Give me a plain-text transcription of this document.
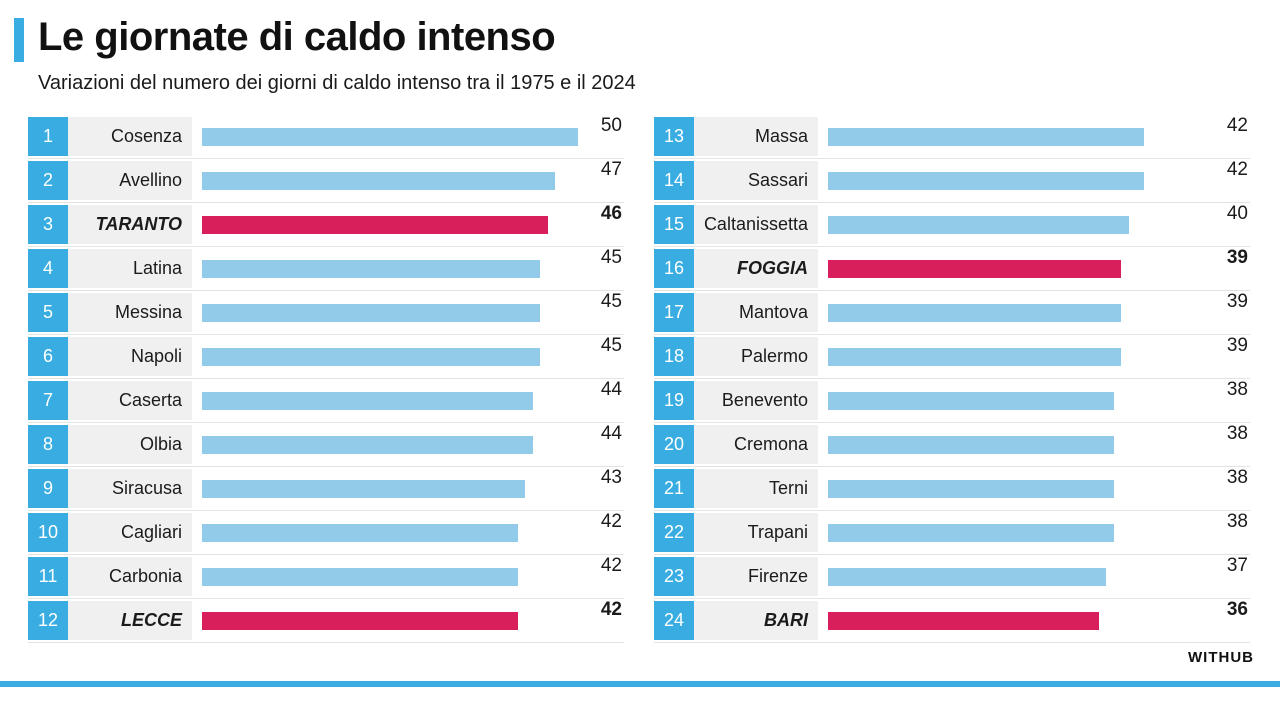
Le giornate di caldo intenso
Variazioni del numero dei giorni di caldo intenso tra il 1975 e il 2024
1	Cosenza	50
2	Avellino	47
3	TARANTO	46
4	Latina	45
5	Messina	45
6	Napoli	45
7	Caserta	44
8	Olbia	44
9	Siracusa	43
10	Cagliari	42
11	Carbonia	42
12	LECCE	42
13	Massa	42
14	Sassari	42
15	Caltanissetta	40
16	FOGGIA	39
17	Mantova	39
18	Palermo	39
19	Benevento	38
20	Cremona	38
21	Terni	38
22	Trapani	38
23	Firenze	37
24	BARI	36
WITHUB
